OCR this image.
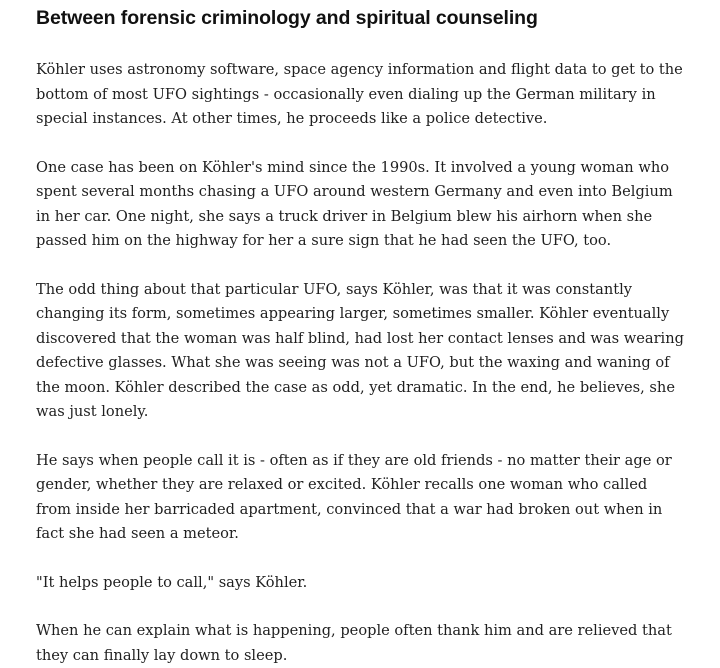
Between forensic criminology and spiritual counseling

Köhler uses astronomy software, space agency information and flight data to get to the bottom of most UFO sightings - occasionally even dialing up the German military in special instances. At other times, he proceeds like a police detective.

One case has been on Köhler's mind since the 1990s. It involved a young woman who spent several months chasing a UFO around western Germany and even into Belgium in her car. One night, she says a truck driver in Belgium blew his airhorn when she passed him on the highway for her a sure sign that he had seen the UFO, too.

The odd thing about that particular UFO, says Köhler, was that it was constantly changing its form, sometimes appearing larger, sometimes smaller. Köhler eventually discovered that the woman was half blind, had lost her contact lenses and was wearing defective glasses. What she was seeing was not a UFO, but the waxing and waning of the moon. Köhler described the case as odd, yet dramatic. In the end, he believes, she was just lonely.

He says when people call it is - often as if they are old friends - no matter their age or gender, whether they are relaxed or excited. Köhler recalls one woman who called from inside her barricaded apartment, convinced that a war had broken out when in fact she had seen a meteor.

"It helps people to call," says Köhler.

When he can explain what is happening, people often thank him and are relieved that they can finally lay down to sleep.
